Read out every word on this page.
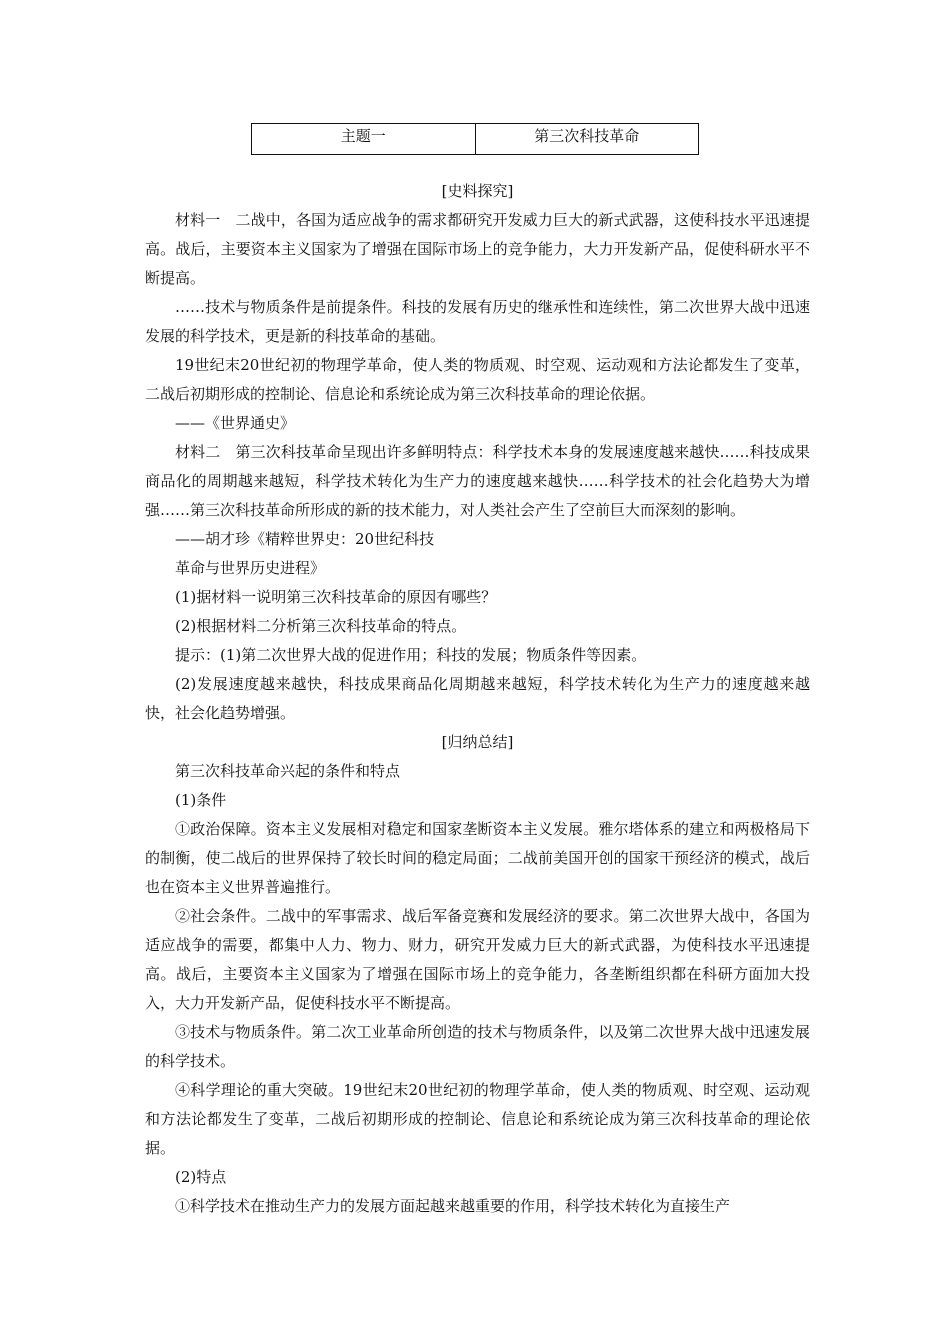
主题一	第三次科技革命

[史料探究]

材料一　二战中，各国为适应战争的需求都研究开发威力巨大的新式武器，这使科技水平迅速提高。战后，主要资本主义国家为了增强在国际市场上的竞争能力，大力开发新产品，促使科研水平不断提高。

……技术与物质条件是前提条件。科技的发展有历史的继承性和连续性，第二次世界大战中迅速发展的科学技术，更是新的科技革命的基础。

19世纪末20世纪初的物理学革命，使人类的物质观、时空观、运动观和方法论都发生了变革，二战后初期形成的控制论、信息论和系统论成为第三次科技革命的理论依据。

——《世界通史》

材料二　第三次科技革命呈现出许多鲜明特点：科学技术本身的发展速度越来越快……科技成果商品化的周期越来越短，科学技术转化为生产力的速度越来越快……科学技术的社会化趋势大为增强……第三次科技革命所形成的新的技术能力，对人类社会产生了空前巨大而深刻的影响。

——胡才珍《精粹世界史：20世纪科技

革命与世界历史进程》

(1)据材料一说明第三次科技革命的原因有哪些？

(2)根据材料二分析第三次科技革命的特点。

提示：(1)第二次世界大战的促进作用；科技的发展；物质条件等因素。

(2)发展速度越来越快，科技成果商品化周期越来越短，科学技术转化为生产力的速度越来越快，社会化趋势增强。

[归纳总结]

第三次科技革命兴起的条件和特点

(1)条件

①政治保障。资本主义发展相对稳定和国家垄断资本主义发展。雅尔塔体系的建立和两极格局下的制衡，使二战后的世界保持了较长时间的稳定局面；二战前美国开创的国家干预经济的模式，战后也在资本主义世界普遍推行。

②社会条件。二战中的军事需求、战后军备竞赛和发展经济的要求。第二次世界大战中，各国为适应战争的需要，都集中人力、物力、财力，研究开发威力巨大的新式武器，为使科技水平迅速提高。战后，主要资本主义国家为了增强在国际市场上的竞争能力，各垄断组织都在科研方面加大投入，大力开发新产品，促使科技水平不断提高。

③技术与物质条件。第二次工业革命所创造的技术与物质条件，以及第二次世界大战中迅速发展的科学技术。

④科学理论的重大突破。19世纪末20世纪初的物理学革命，使人类的物质观、时空观、运动观和方法论都发生了变革，二战后初期形成的控制论、信息论和系统论成为第三次科技革命的理论依据。

(2)特点

①科学技术在推动生产力的发展方面起越来越重要的作用，科学技术转化为直接生产
